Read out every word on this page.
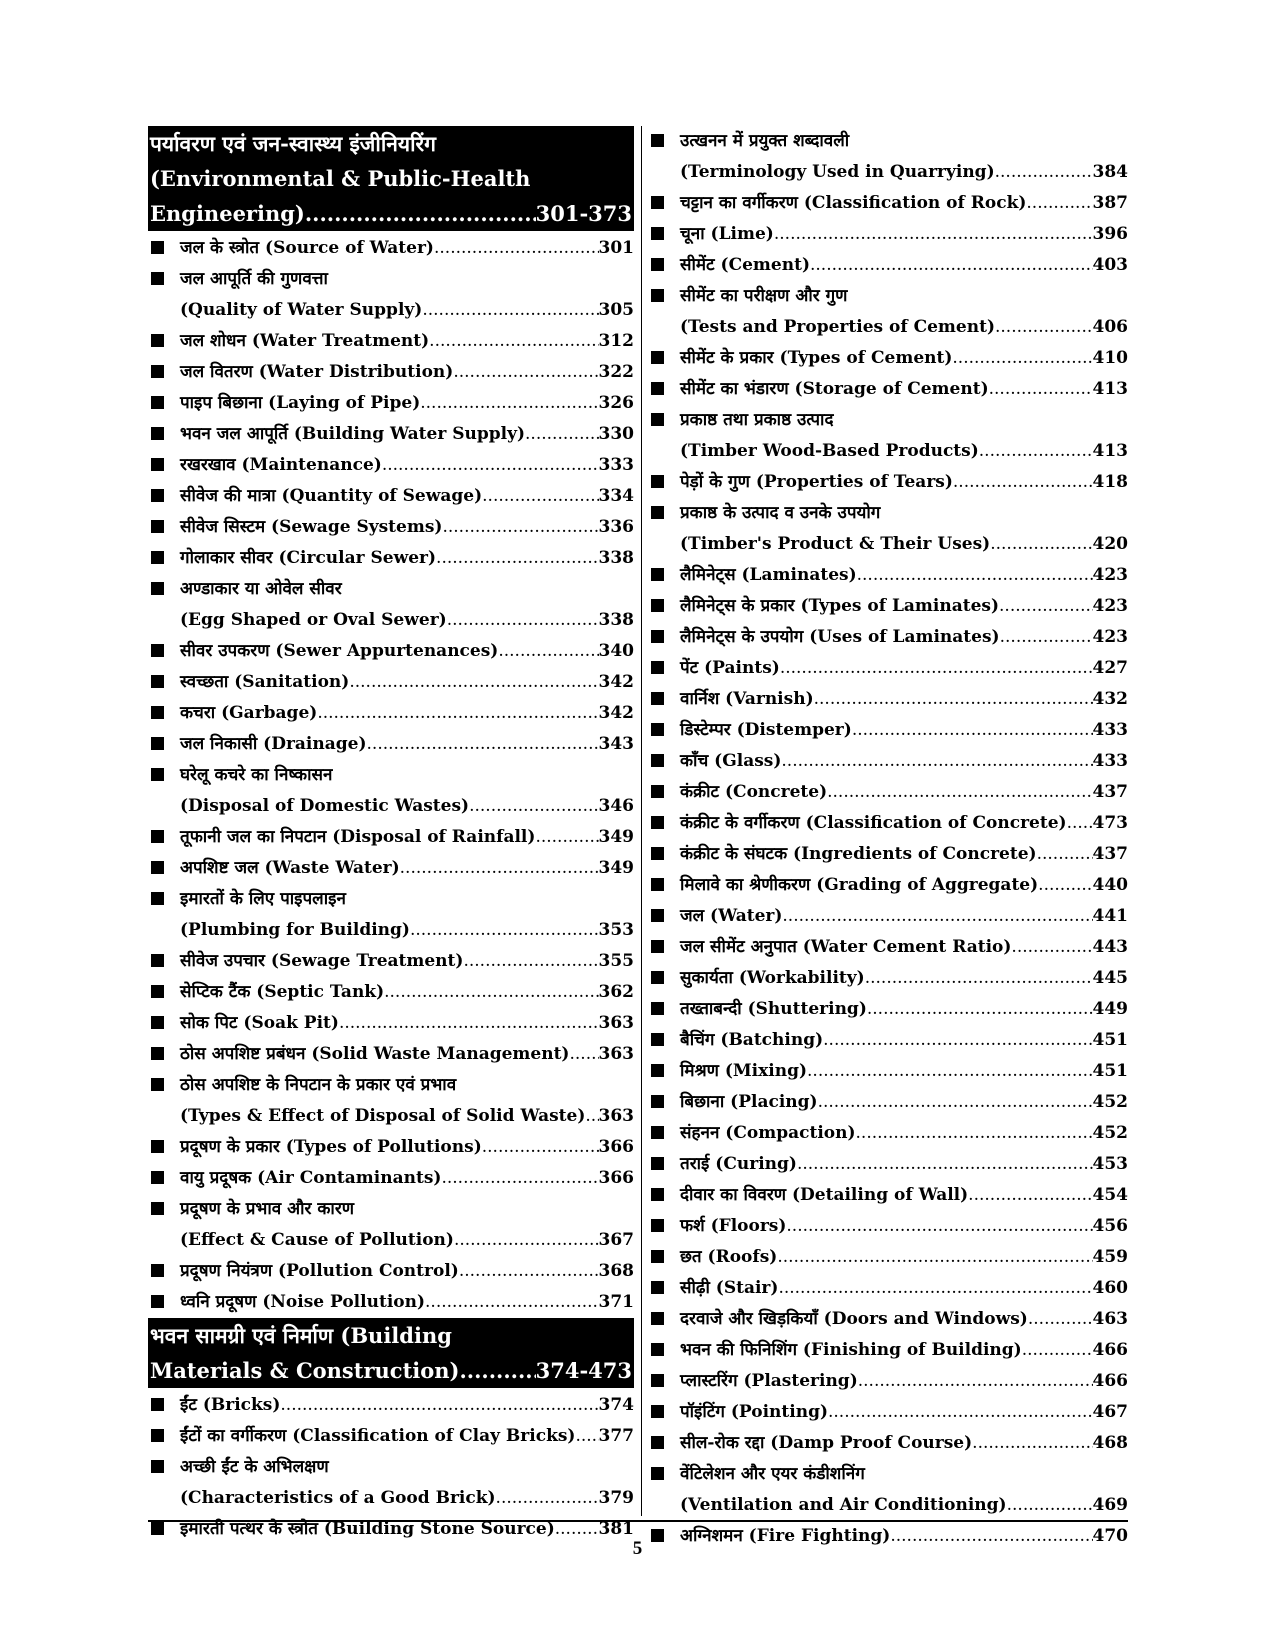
पर्यावरण एवं जन-स्वास्थ्य इंजीनियरिंग
(Environmental & Public-Health
Engineering) .....	301-373
जल के स्त्रोत (Source of Water) .....	301
जल आपूर्ति की गुणवत्ता
(Quality of Water Supply) .....	305
जल शोधन (Water Treatment) .....	312
जल वितरण (Water Distribution) .....	322
पाइप बिछाना (Laying of Pipe) .....	326
भवन जल आपूर्ति (Building Water Supply) .....	330
रखरखाव (Maintenance) .....	333
सीवेज की मात्रा (Quantity of Sewage) .....	334
सीवेज सिस्टम (Sewage Systems) .....	336
गोलाकार सीवर (Circular Sewer) .....	338
अण्डाकार या ओवेल सीवर
(Egg Shaped or Oval Sewer) .....	338
सीवर उपकरण (Sewer Appurtenances) .....	340
स्वच्छता (Sanitation) .....	342
कचरा (Garbage) .....	342
जल निकासी (Drainage) .....	343
घरेलू कचरे का निष्कासन
(Disposal of Domestic Wastes) .....	346
तूफानी जल का निपटान (Disposal of Rainfall) .....	349
अपशिष्ट जल (Waste Water) .....	349
इमारतों के लिए पाइपलाइन
(Plumbing for Building) .....	353
सीवेज उपचार (Sewage Treatment) .....	355
सेप्टिक टैंक (Septic Tank) .....	362
सोक पिट (Soak Pit) .....	363
ठोस अपशिष्ट प्रबंधन (Solid Waste Management) ..... 363
ठोस अपशिष्ट के निपटान के प्रकार एवं प्रभाव
(Types & Effect of Disposal of Solid Waste) ..... 363
प्रदूषण के प्रकार (Types of Pollutions) .....	366
वायु प्रदूषक (Air Contaminants) .....	366
प्रदूषण के प्रभाव और कारण
(Effect & Cause of Pollution) .....	367
प्रदूषण नियंत्रण (Pollution Control) .....	368
ध्वनि प्रदूषण (Noise Pollution) .....	371
भवन सामग्री एवं निर्माण (Building
Materials & Construction) .....	374-473
ईंट (Bricks) .....	374
ईंटों का वर्गीकरण (Classification of Clay Bricks) ..... 377
अच्छी ईंट के अभिलक्षण
(Characteristics of a Good Brick) .....	379
इमारती पत्थर के स्त्रोत (Building Stone Source) .....	381
उत्खनन में प्रयुक्त शब्दावली
(Terminology Used in Quarrying) .....	384
चट्टान का वर्गीकरण (Classification of Rock) .....	387
चूना (Lime) .....	396
सीमेंट (Cement) .....	403
सीमेंट का परीक्षण और गुण
(Tests and Properties of Cement) .....	406
सीमेंट के प्रकार (Types of Cement) .....	410
सीमेंट का भंडारण (Storage of Cement) .....	413
प्रकाष्ठ तथा प्रकाष्ठ उत्पाद
(Timber Wood-Based Products) .....	413
पेड़ों के गुण (Properties of Tears) .....	418
प्रकाष्ठ के उत्पाद व उनके उपयोग
(Timber's Product & Their Uses) .....	420
लैमिनेट्स (Laminates) .....	423
लैमिनेट्स के प्रकार (Types of Laminates) .....	423
लैमिनेट्स के उपयोग (Uses of Laminates) .....	423
पेंट (Paints) .....	427
वार्निश (Varnish) .....	432
डिस्टेम्पर (Distemper) .....	433
काँच (Glass) .....	433
कंक्रीट (Concrete) .....	437
कंक्रीट के वर्गीकरण (Classification of Concrete) ..... 473
कंक्रीट के संघटक (Ingredients of Concrete) .....	437
मिलावे का श्रेणीकरण (Grading of Aggregate) .....	440
जल (Water) .....	441
जल सीमेंट अनुपात (Water Cement Ratio) .....	443
सुकार्यता (Workability) .....	445
तख्ताबन्दी (Shuttering) .....	449
बैचिंग (Batching) .....	451
मिश्रण (Mixing) .....	451
बिछाना (Placing) .....	452
संहनन (Compaction) .....	452
तराई (Curing) .....	453
दीवार का विवरण (Detailing of Wall) .....	454
फर्श (Floors) .....	456
छत (Roofs) .....	459
सीढ़ी (Stair) .....	460
दरवाजे और खिड़कियाँ (Doors and Windows) .....	463
भवन की फिनिशिंग (Finishing of Building) .....	466
प्लास्टरिंग (Plastering) .....	466
पॉइंटिंग (Pointing) .....	467
सील-रोक रद्दा (Damp Proof Course) .....	468
वेंटिलेशन और एयर कंडीशनिंग
(Ventilation and Air Conditioning) .....	469
अग्निशमन (Fire Fighting) .....	470
5
